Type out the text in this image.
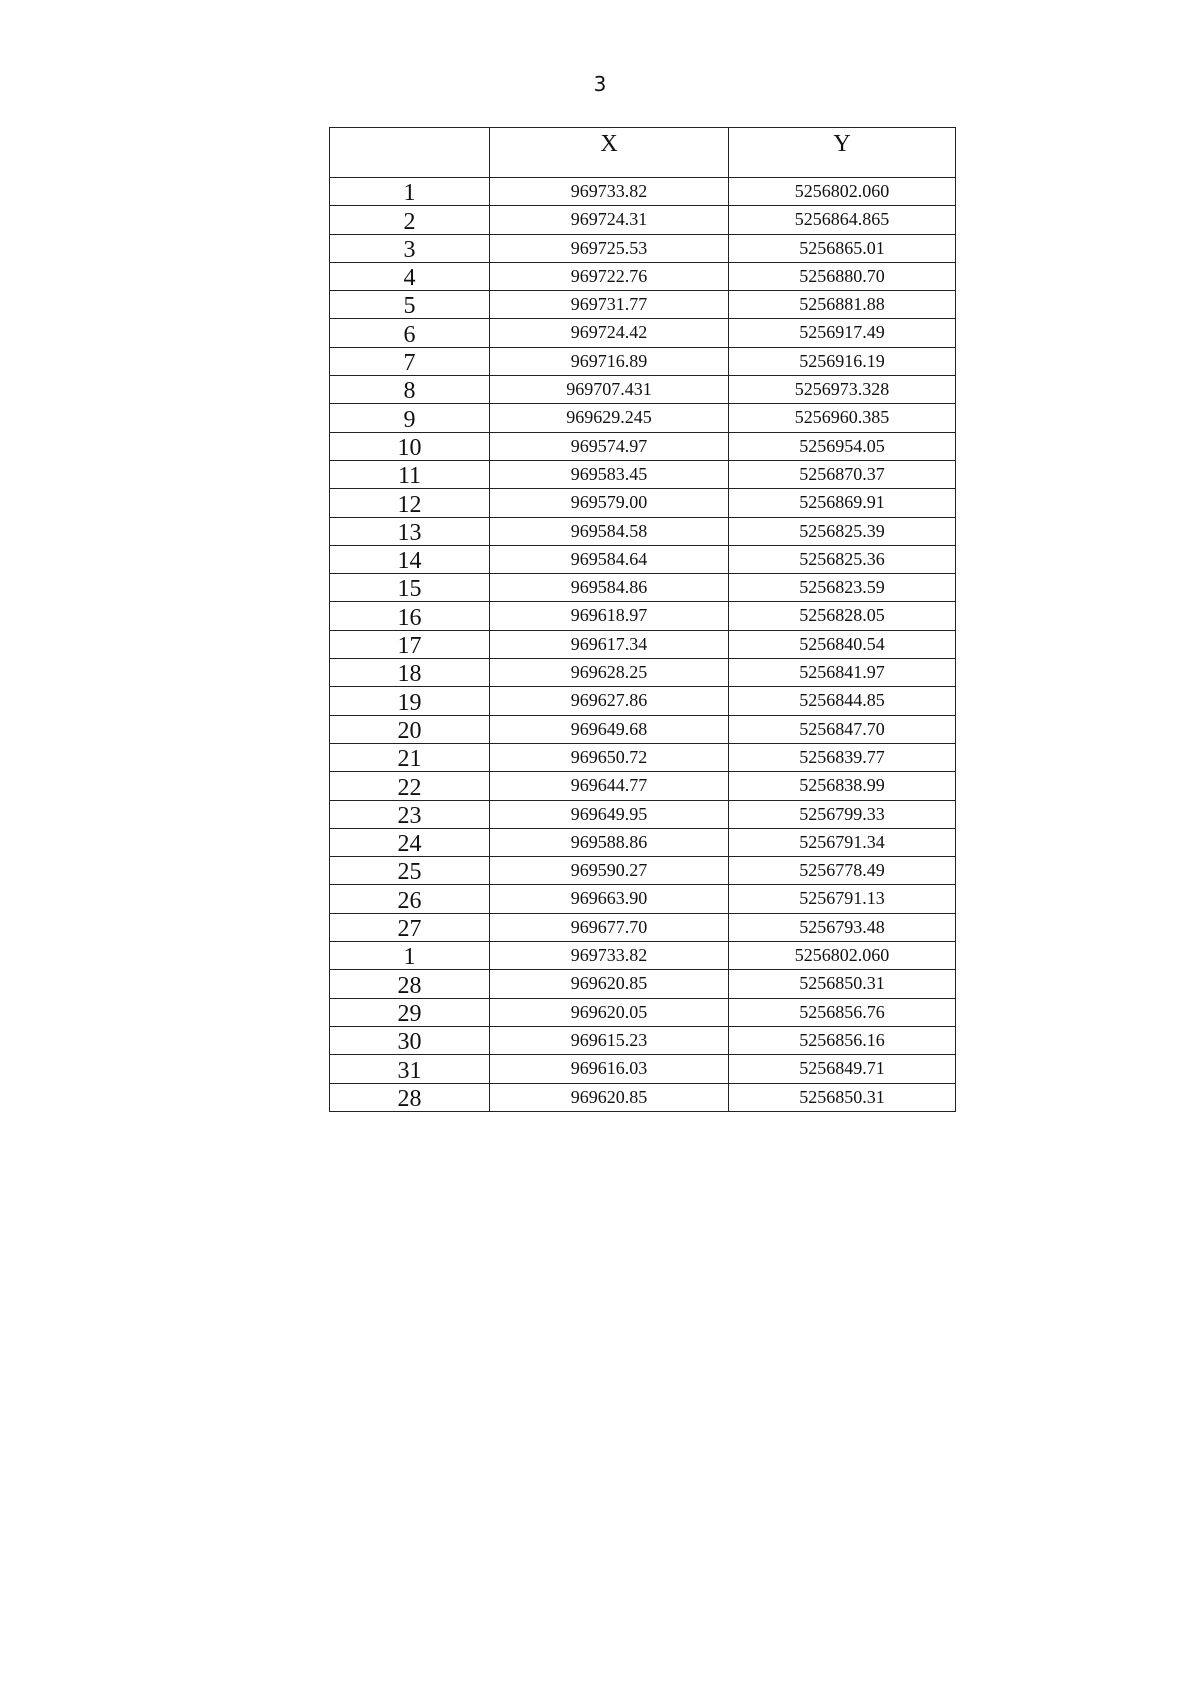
3
	X	Y
1	969733.82	5256802.060
2	969724.31	5256864.865
3	969725.53	5256865.01
4	969722.76	5256880.70
5	969731.77	5256881.88
6	969724.42	5256917.49
7	969716.89	5256916.19
8	969707.431	5256973.328
9	969629.245	5256960.385
10	969574.97	5256954.05
11	969583.45	5256870.37
12	969579.00	5256869.91
13	969584.58	5256825.39
14	969584.64	5256825.36
15	969584.86	5256823.59
16	969618.97	5256828.05
17	969617.34	5256840.54
18	969628.25	5256841.97
19	969627.86	5256844.85
20	969649.68	5256847.70
21	969650.72	5256839.77
22	969644.77	5256838.99
23	969649.95	5256799.33
24	969588.86	5256791.34
25	969590.27	5256778.49
26	969663.90	5256791.13
27	969677.70	5256793.48
1	969733.82	5256802.060
28	969620.85	5256850.31
29	969620.05	5256856.76
30	969615.23	5256856.16
31	969616.03	5256849.71
28	969620.85	5256850.31
